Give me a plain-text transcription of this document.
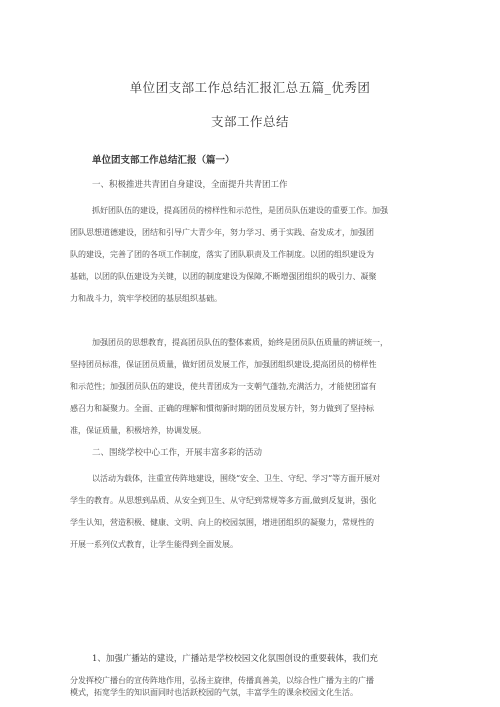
单位团支部工作总结汇报汇总五篇_优秀团
支部工作总结
单位团支部工作总结汇报（篇一）
一、积极推进共青团自身建设，全面提升共青团工作
抓好团队伍的建设，提高团员的榜样性和示范性，是团员队伍建设的重要工作。加强
团队思想道德建设，团结和引导广大青少年，努力学习、勇于实践、奋发成才，加强团
队的建设，完善了团的各项工作制度，落实了团队职责及工作制度。以团的组织建设为
基础，以团的队伍建设为关键，以团的制度建设为保障,不断增强团组织的吸引力、凝聚
力和战斗力，筑牢学校团的基层组织基础。
加强团员的思想教育，提高团员队伍的整体素质，始终是团员队伍质量的辨证统一，
坚持团员标准，保证团员质量，做好团员发展工作，加强团组织建设,提高团员的榜样性
和示范性；加强团员队伍的建设，使共青团成为一支朝气蓬勃,充满活力，才能使团富有
感召力和凝聚力。全面、正确的理解和慣彻新时期的团员发展方针，努力做到了坚持标
准，保证质量，积极培养，协调发展。
二、围绕学校中心工作，开展丰富多彩的活动
以活动为载体，注重宣传阵地建设，围绕“安全、卫生、守纪、学习”等方面开展对
学生的教育。从思想到品质、从安全到卫生、从守纪到常规等多方面,做到反复讲，强化
学生认知，营造积极、健康、文明、向上的校园氛围，增进团组织的凝聚力，常规性的
开展一系列仪式教育，让学生能得到全面发展。
1、加强广播站的建设，广播站是学校校园文化氛围创设的重要载体，我们充
分发挥校广播台的宣传阵地作用，弘扬主旋律，传播真善美，以综合性广播为主的广播
模式，拓宽学生的知识面同时也活跃校园的气氛，丰富学生的课余校园文化生活。
